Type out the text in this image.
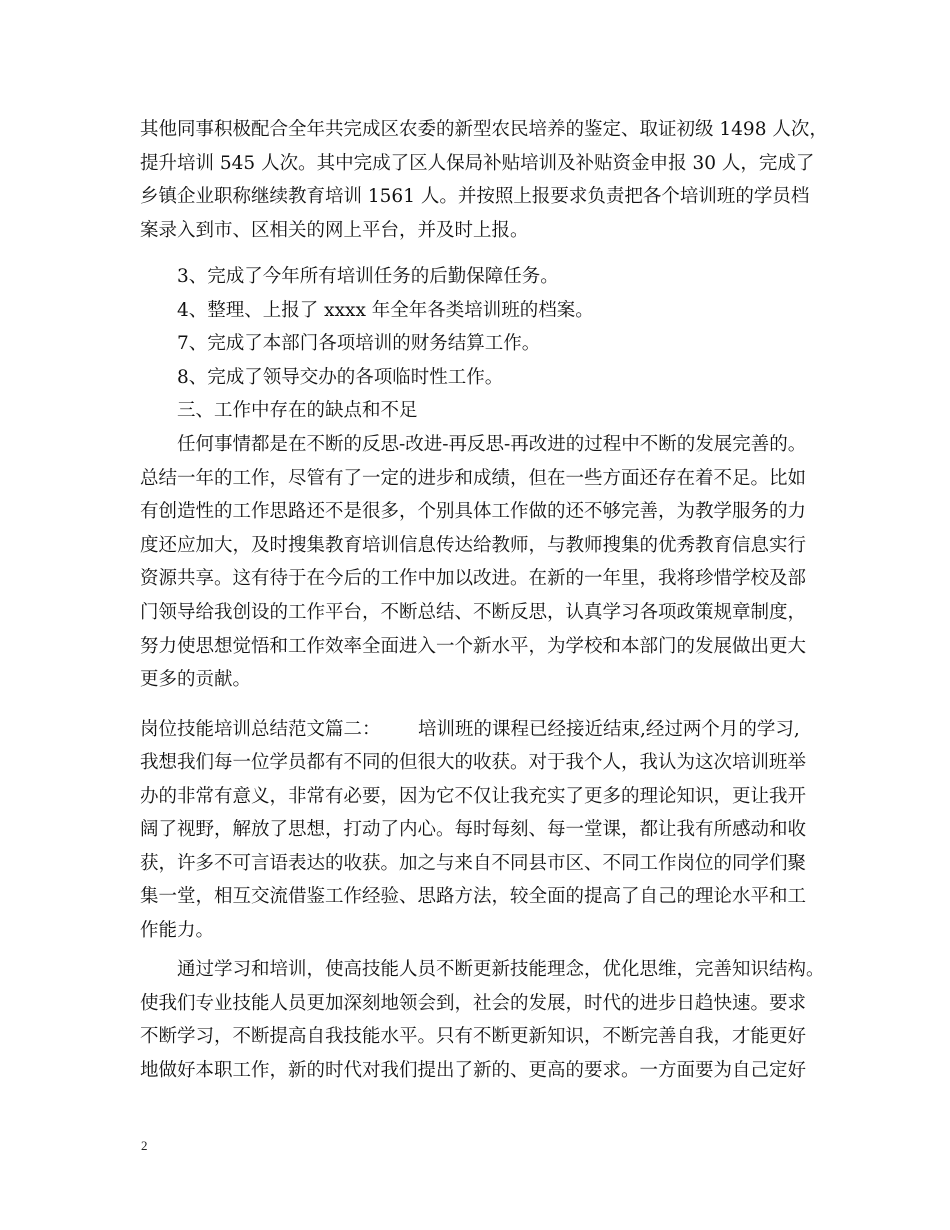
其他同事积极配合全年共完成区农委的新型农民培养的鉴定、取证初级 1498 人次，
提升培训 545 人次。其中完成了区人保局补贴培训及补贴资金申报 30 人，完成了
乡镇企业职称继续教育培训 1561 人。并按照上报要求负责把各个培训班的学员档
案录入到市、区相关的网上平台，并及时上报。

3、完成了今年所有培训任务的后勤保障任务。

4、整理、上报了 xxxx 年全年各类培训班的档案。

7、完成了本部门各项培训的财务结算工作。

8、完成了领导交办的各项临时性工作。

三、工作中存在的缺点和不足

任何事情都是在不断的反思-改进-再反思-再改进的过程中不断的发展完善的。
总结一年的工作，尽管有了一定的进步和成绩，但在一些方面还存在着不足。比如
有创造性的工作思路还不是很多，个别具体工作做的还不够完善，为教学服务的力
度还应加大，及时搜集教育培训信息传达给教师，与教师搜集的优秀教育信息实行
资源共享。这有待于在今后的工作中加以改进。在新的一年里，我将珍惜学校及部
门领导给我创设的工作平台，不断总结、不断反思，认真学习各项政策规章制度，
努力使思想觉悟和工作效率全面进入一个新水平，为学校和本部门的发展做出更大
更多的贡献。

岗位技能培训总结范文篇二： 培训班的课程已经接近结束,经过两个月的学习,

我想我们每一位学员都有不同的但很大的收获。对于我个人，我认为这次培训班举
办的非常有意义，非常有必要，因为它不仅让我充实了更多的理论知识，更让我开
阔了视野，解放了思想，打动了内心。每时每刻、每一堂课，都让我有所感动和收
获，许多不可言语表达的收获。加之与来自不同县市区、不同工作岗位的同学们聚
集一堂，相互交流借鉴工作经验、思路方法，较全面的提高了自己的理论水平和工
作能力。
通过学习和培训，使高技能人员不断更新技能理念，优化思维，完善知识结构。
使我们专业技能人员更加深刻地领会到，社会的发展，时代的进步日趋快速。要求
不断学习，不断提高自我技能水平。只有不断更新知识，不断完善自我，才能更好
地做好本职工作，新的时代对我们提出了新的、更高的要求。一方面要为自己定好
2
